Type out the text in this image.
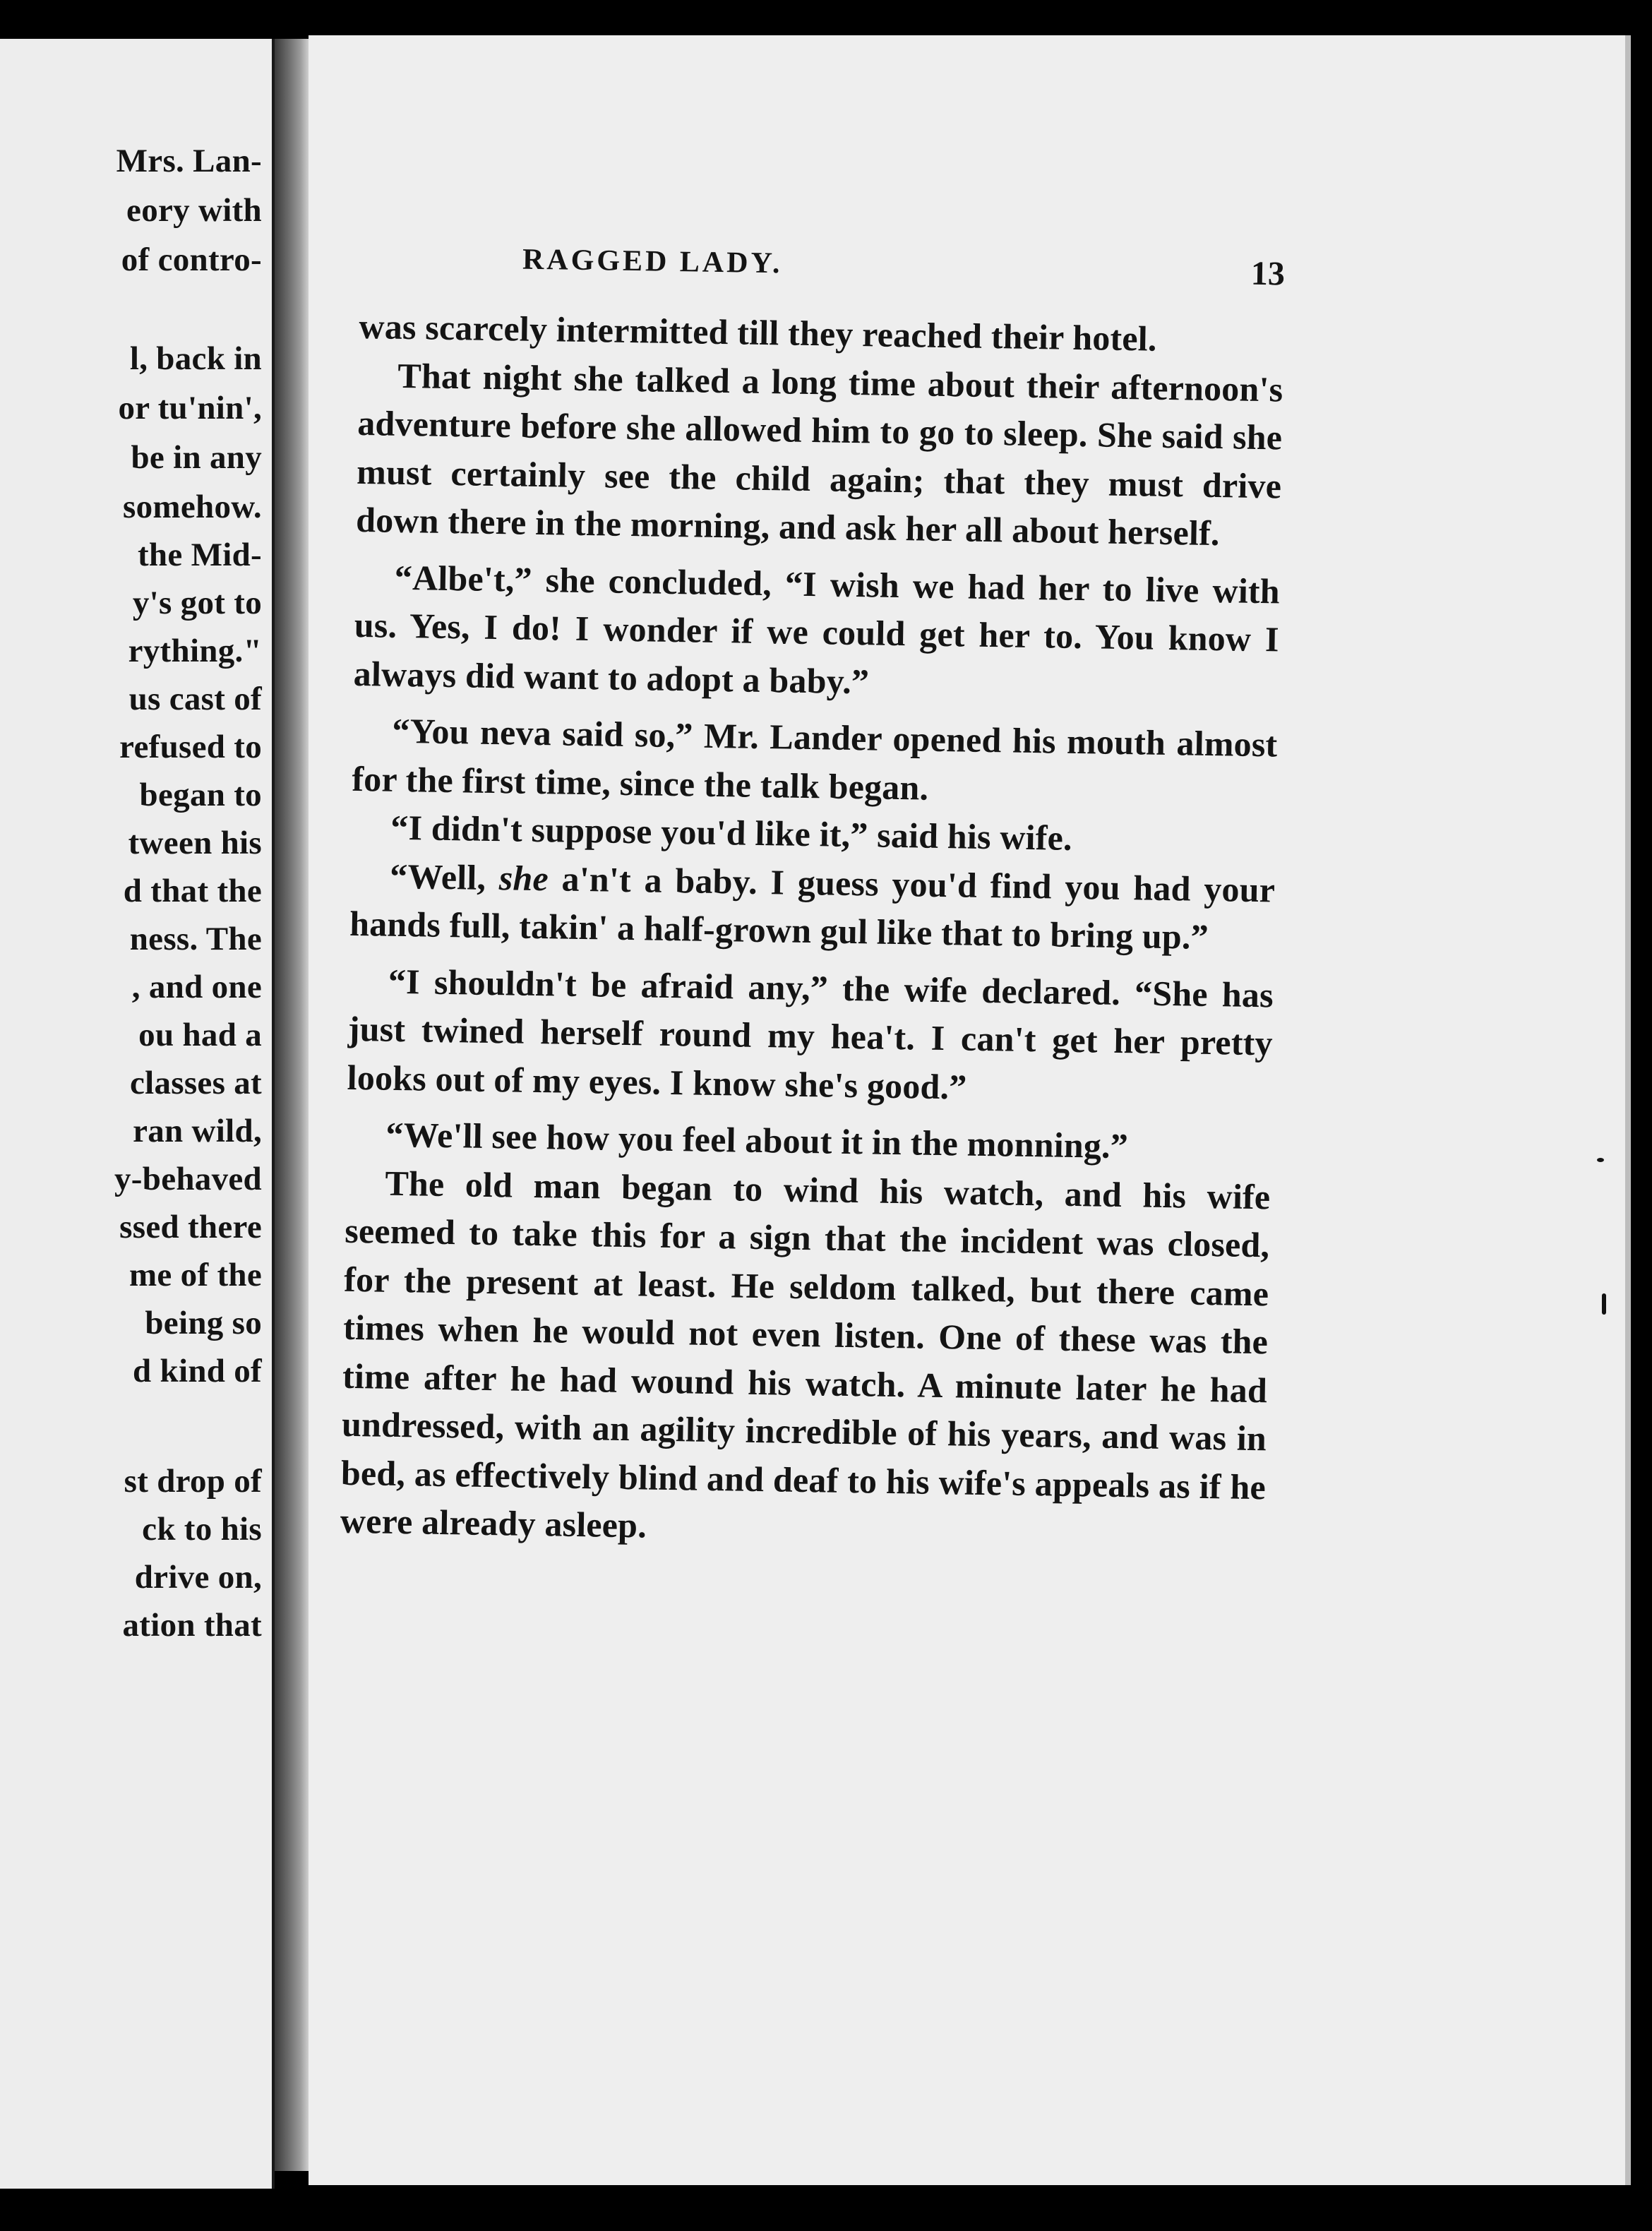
Mrs. Lan-
eory with
of contro-
l, back in
or tu'nin',
be in any
somehow.
the Mid-
y's got to
rything."
us cast of
refused to
began to
tween his
d that the
ness. The
, and one
ou had a
classes at
ran wild,
y-behaved
ssed there
me of the
being so
d kind of
st drop of
ck to his
drive on,
ation that
RAGGED LADY.	13

was scarcely intermitted till they reached their hotel.

That night she talked a long time about their afternoon's adventure before she allowed him to go to sleep. She said she must certainly see the child again; that they must drive down there in the morning, and ask her all about herself.

“Albe't,” she concluded, “I wish we had her to live with us. Yes, I do! I wonder if we could get her to. You know I always did want to adopt a baby.”

“You neva said so,” Mr. Lander opened his mouth almost for the first time, since the talk began.

“I didn't suppose you'd like it,” said his wife.

“Well, she a'n't a baby. I guess you'd find you had your hands full, takin' a half-grown gul like that to bring up.”

“I shouldn't be afraid any,” the wife declared. “She has just twined herself round my hea't. I can't get her pretty looks out of my eyes. I know she's good.”

“We'll see how you feel about it in the monning.”

The old man began to wind his watch, and his wife seemed to take this for a sign that the incident was closed, for the present at least. He seldom talked, but there came times when he would not even listen. One of these was the time after he had wound his watch. A minute later he had undressed, with an agility incredible of his years, and was in bed, as effectively blind and deaf to his wife's appeals as if he were already asleep.
